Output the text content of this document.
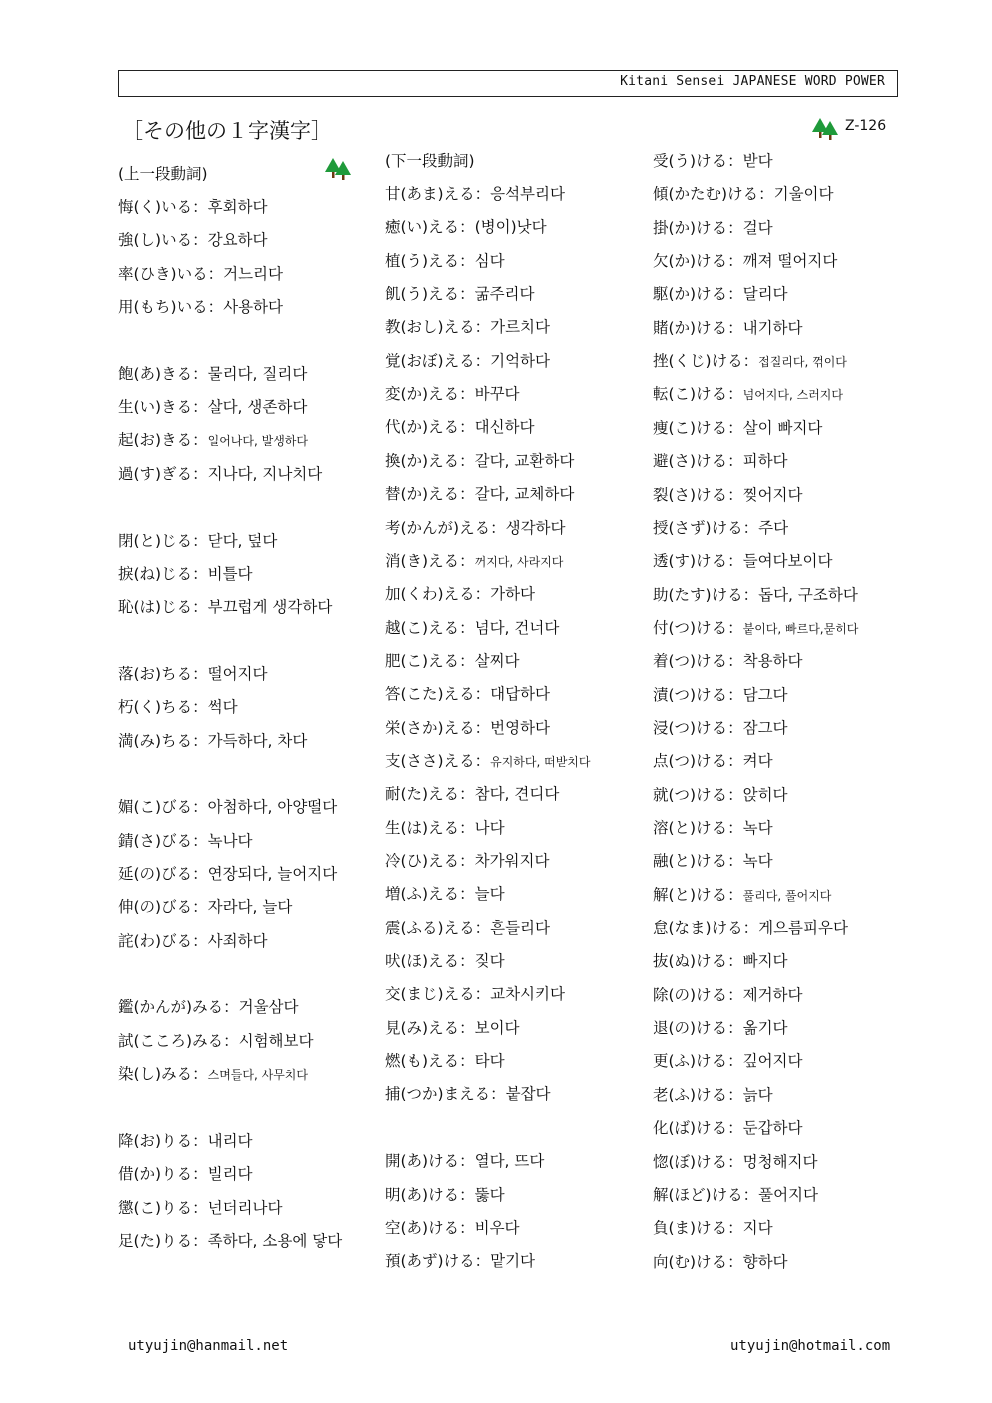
Kitani Sensei JAPANESE WORD POWER
［その他の１字漢字］	Z-126
(上一段動詞)
悔(く)いる：후회하다
強(し)いる：강요하다
率(ひき)いる：거느리다
用(もち)いる：사용하다
飽(あ)きる：물리다, 질리다
生(い)きる：살다, 생존하다
起(お)きる：일어나다, 발생하다
過(す)ぎる：지나다, 지나치다
閉(と)じる：닫다, 덮다
捩(ね)じる：비틀다
恥(は)じる：부끄럽게 생각하다
落(お)ちる：떨어지다
朽(く)ちる：썩다
満(み)ちる：가득하다, 차다
媚(こ)びる：아첨하다, 아양떨다
錆(さ)びる：녹나다
延(の)びる：연장되다, 늘어지다
伸(の)びる：자라다, 늘다
詫(わ)びる：사죄하다
鑑(かんが)みる：거울삼다
試(こころ)みる：시험해보다
染(し)みる：스며들다, 사무치다
降(お)りる：내리다
借(か)りる：빌리다
懲(こ)りる：넌더리나다
足(た)りる：족하다, 소용에 닿다
(下一段動詞)
甘(あま)える：응석부리다
癒(い)える：(병이)낫다
植(う)える：심다
飢(う)える：굶주리다
教(おし)える：가르치다
覚(おぼ)える：기억하다
変(か)える：바꾸다
代(か)える：대신하다
換(か)える：갈다, 교환하다
替(か)える：갈다, 교체하다
考(かんが)える：생각하다
消(き)える：꺼지다, 사라지다
加(くわ)える：가하다
越(こ)える：넘다, 건너다
肥(こ)える：살찌다
答(こた)える：대답하다
栄(さか)える：번영하다
支(ささ)える：유지하다, 떠받치다
耐(た)える：참다, 견디다
生(は)える：나다
冷(ひ)える：차가워지다
増(ふ)える：늘다
震(ふる)える：흔들리다
吠(ほ)える：짖다
交(まじ)える：교차시키다
見(み)える：보이다
燃(も)える：타다
捕(つか)まえる：붙잡다
開(あ)ける：열다, 뜨다
明(あ)ける：뚫다
空(あ)ける：비우다
預(あず)ける：맡기다
受(う)ける：받다
傾(かたむ)ける：기울이다
掛(か)ける：걸다
欠(か)ける：깨져 떨어지다
駆(か)ける：달리다
賭(か)ける：내기하다
挫(くじ)ける：접질리다, 꺾이다
転(こ)ける：넘어지다, 스러지다
痩(こ)ける：살이 빠지다
避(さ)ける：피하다
裂(さ)ける：찢어지다
授(さず)ける：주다
透(す)ける：들여다보이다
助(たす)ける：돕다, 구조하다
付(つ)ける：붙이다, 빠르다,묻히다
着(つ)ける：착용하다
漬(つ)ける：담그다
浸(つ)ける：잠그다
点(つ)ける：켜다
就(つ)ける：앉히다
溶(と)ける：녹다
融(と)ける：녹다
解(と)ける：풀리다, 풀어지다
怠(なま)ける：게으름피우다
抜(ぬ)ける：빠지다
除(の)ける：제거하다
退(の)ける：옮기다
更(ふ)ける：깊어지다
老(ふ)ける：늙다
化(ば)ける：둔갑하다
惚(ぼ)ける：멍청해지다
解(ほど)ける：풀어지다
負(ま)ける：지다
向(む)ける：향하다
utyujin@hanmail.net	utyujin@hotmail.com
